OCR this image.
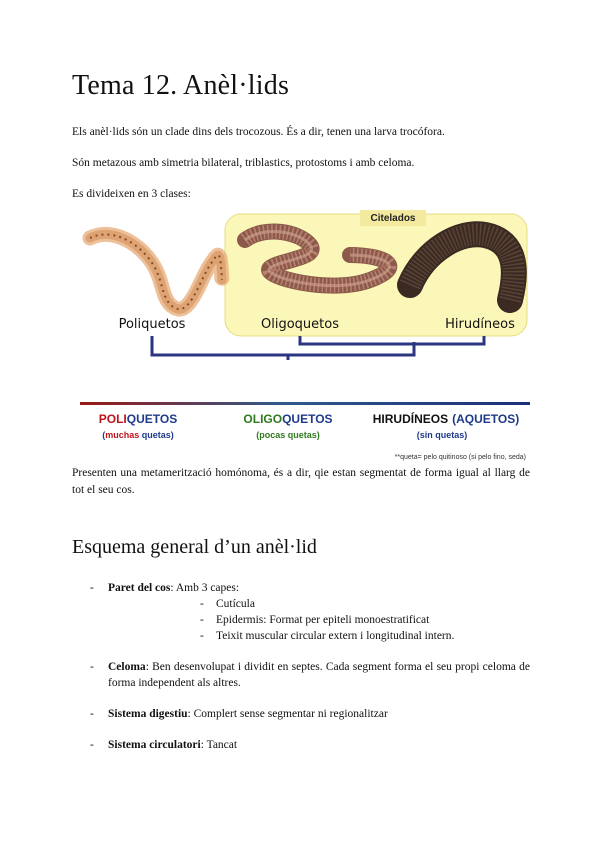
Tema 12. Anèl·lids

Els anèl·lids són un clade dins dels trocozous. És a dir, tenen una larva trocófora.

Són metazous amb simetria bilateral, triblastics, protostoms i amb celoma.

Es divideixen en 3 clases:

Citelados
Poliquetos	Oligoquetos	Hirudíneos
POLIQUETOS
(muchas quetas)
OLIGOQUETOS
(pocas quetas)
HIRUDÍNEOS (AQUETOS)
(sin quetas)
**queta= pelo quitinoso (si pelo fino, seda)

Presenten una metamerització homónoma, és a dir, qie estan segmentat de forma igual al llarg de tot el seu cos.

Esquema general d’un anèl·lid
- Paret del cos: Amb 3 capes:
- Cutícula
- Epidermis: Format per epiteli monoestratificat
- Teixit muscular circular extern i longitudinal intern.
- Celoma: Ben desenvolupat i dividit en septes. Cada segment forma el seu propi celoma de forma independent als altres.
- Sistema digestiu: Complert sense segmentar ni regionalitzar
- Sistema circulatori: Tancat
